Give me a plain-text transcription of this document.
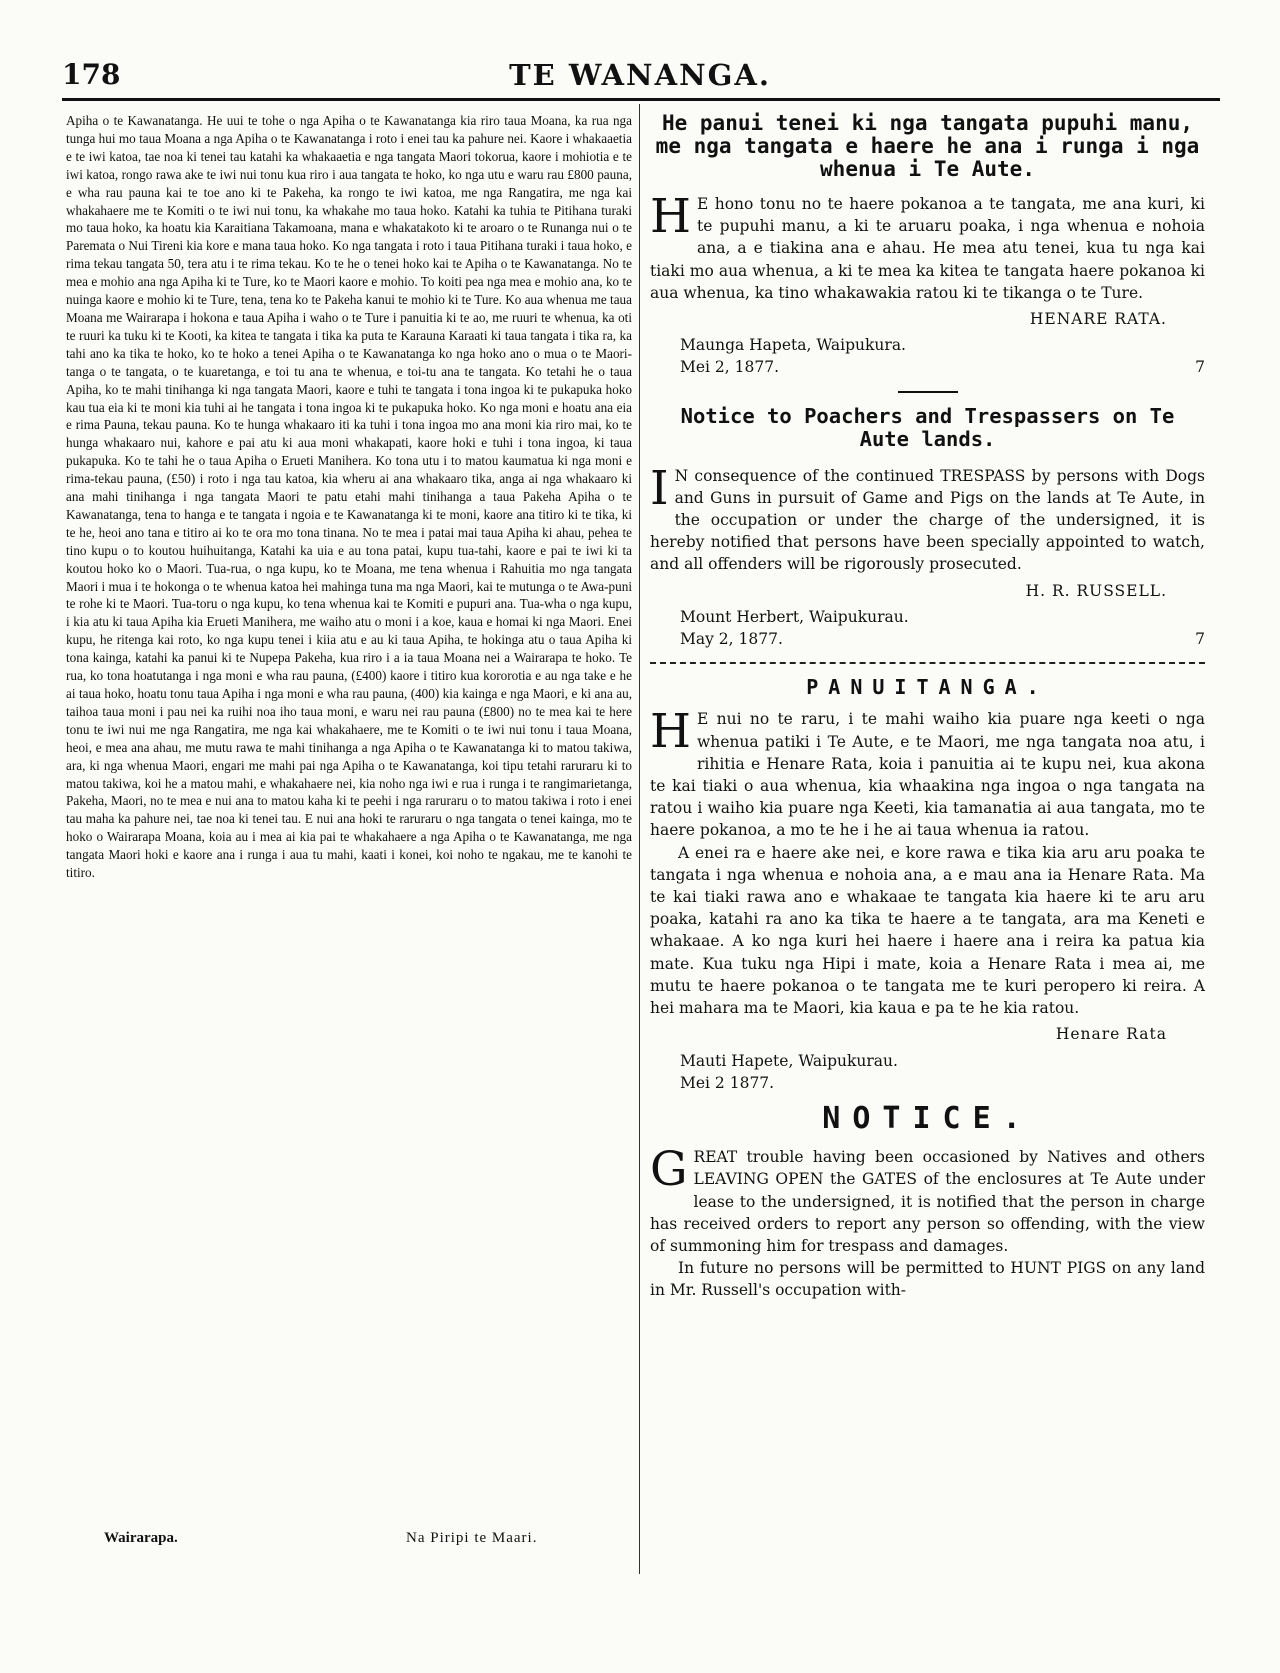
178	TE WANANGA.

Apiha o te Kawanatanga. He uui te tohe o nga Apiha o te Kawanatanga kia riro taua Moana, ka rua nga tunga hui mo taua Moana a nga Apiha o te Kawanatanga i roto i enei tau ka pahure nei. Kaore i whakaaetia e te iwi katoa, tae noa ki tenei tau katahi ka whakaaetia e nga tangata Maori tokorua, kaore i mohiotia e te iwi katoa, rongo rawa ake te iwi nui tonu kua riro i aua tangata te hoko, ko nga utu e waru rau £800 pauna, e wha rau pauna kai te toe ano ki te Pakeha, ka rongo te iwi katoa, me nga Rangatira, me nga kai whakahaere me te Komiti o te iwi nui tonu, ka whakahe mo taua hoko. Katahi ka tuhia te Pitihana turaki mo taua hoko, ka hoatu kia Karaitiana Takamoana, mana e whakatakoto ki te aroaro o te Runanga nui o te Paremata o Nui Tireni kia kore e mana taua hoko. Ko nga tangata i roto i taua Pitihana turaki i taua hoko, e rima tekau tangata 50, tera atu i te rima tekau. Ko te he o tenei hoko kai te Apiha o te Kawanatanga. No te mea e mohio ana nga Apiha ki te Ture, ko te Maori kaore e mohio. To koiti pea nga mea e mohio ana, ko te nuinga kaore e mohio ki te Ture, tena, tena ko te Pakeha kanui te mohio ki te Ture. Ko aua whenua me taua Moana me Wairarapa i hokona e taua Apiha i waho o te Ture i panuitia ki te ao, me ruuri te whenua, ka oti te ruuri ka tuku ki te Kooti, ka kitea te tangata i tika ka puta te Karauna Karaati ki taua tangata i tika ra, ka tahi ano ka tika te hoko, ko te hoko a tenei Apiha o te Kawanatanga ko nga hoko ano o mua o te Maori-tanga o te tangata, o te kuaretanga, e toi tu ana te whenua, e toi-tu ana te tangata. Ko tetahi he o taua Apiha, ko te mahi tinihanga ki nga tangata Maori, kaore e tuhi te tangata i tona ingoa ki te pukapuka hoko kau tua eia ki te moni kia tuhi ai he tangata i tona ingoa ki te pukapuka hoko. Ko nga moni e hoatu ana eia e rima Pauna, tekau pauna. Ko te hunga whakaaro iti ka tuhi i tona ingoa mo ana moni kia riro mai, ko te hunga whakaaro nui, kahore e pai atu ki aua moni whakapati, kaore hoki e tuhi i tona ingoa, ki taua pukapuka. Ko te tahi he o taua Apiha o Erueti Manihera. Ko tona utu i to matou kaumatua ki nga moni e rima-tekau pauna, (£50) i roto i nga tau katoa, kia wheru ai ana whakaaro tika, anga ai nga whakaaro ki ana mahi tinihanga i nga tangata Maori te patu etahi mahi tinihanga a taua Pakeha Apiha o te Kawanatanga, tena to hanga e te tangata i ngoia e te Kawanatanga ki te moni, kaore ana titiro ki te tika, ki te he, heoi ano tana e titiro ai ko te ora mo tona tinana. No te mea i patai mai taua Apiha ki ahau, pehea te tino kupu o to koutou huihuitanga, Katahi ka uia e au tona patai, kupu tua-tahi, kaore e pai te iwi ki ta koutou hoko ko o Maori. Tua-rua, o nga kupu, ko te Moana, me tena whenua i Rahuitia mo nga tangata Maori i mua i te hokonga o te whenua katoa hei mahinga tuna ma nga Maori, kai te mutunga o te Awa-puni te rohe ki te Maori. Tua-toru o nga kupu, ko tena whenua kai te Komiti e pupuri ana. Tua-wha o nga kupu, i kia atu ki taua Apiha kia Erueti Manihera, me waiho atu o moni i a koe, kaua e homai ki nga Maori. Enei kupu, he ritenga kai roto, ko nga kupu tenei i kiia atu e au ki taua Apiha, te hokinga atu o taua Apiha ki tona kainga, katahi ka panui ki te Nupepa Pakeha, kua riro i a ia taua Moana nei a Wairarapa te hoko. Te rua, ko tona hoatutanga i nga moni e wha rau pauna, (£400) kaore i titiro kua kororotia e au nga take e he ai taua hoko, hoatu tonu taua Apiha i nga moni e wha rau pauna, (400) kia kainga e nga Maori, e ki ana au, taihoa taua moni i pau nei ka ruihi noa iho taua moni, e waru nei rau pauna (£800) no te mea kai te here tonu te iwi nui me nga Rangatira, me nga kai whakahaere, me te Komiti o te iwi nui tonu i taua Moana, heoi, e mea ana ahau, me mutu rawa te mahi tinihanga a nga Apiha o te Kawanatanga ki to matou takiwa, ara, ki nga whenua Maori, engari me mahi pai nga Apiha o te Kawanatanga, koi tipu tetahi raruraru ki to matou takiwa, koi he a matou mahi, e whakahaere nei, kia noho nga iwi e rua i runga i te rangimarietanga, Pakeha, Maori, no te mea e nui ana to matou kaha ki te peehi i nga raruraru o to matou takiwa i roto i enei tau maha ka pahure nei, tae noa ki tenei tau. E nui ana hoki te raruraru o nga tangata o tenei kainga, mo te hoko o Wairarapa Moana, koia au i mea ai kia pai te whakahaere a nga Apiha o te Kawanatanga, me nga tangata Maori hoki e kaore ana i runga i aua tu mahi, kaati i konei, koi noho te ngakau, me te kanohi te titiro.

Wairarapa.	Na Piripi te Maari.

He panui tenei ki nga tangata pupuhi manu, me nga tangata e haere he ana i runga i nga whenua i Te Aute.

H E hono tonu no te haere pokanoa a te tangata, me ana kuri, ki te pupuhi manu, a ki te aruaru poaka, i nga whenua e nohoia ana, a e tiakina ana e ahau. He mea atu tenei, kua tu nga kai tiaki mo aua whenua, a ki te mea ka kitea te tangata haere pokanoa ki aua whenua, ka tino whakawakia ratou ki te tikanga o te Ture.

HENARE RATA.
Maunga Hapeta, Waipukura.
Mei 2, 1877.	7

Notice to Poachers and Trespassers on Te Aute lands.

I N consequence of the continued TRESPASS by persons with Dogs and Guns in pursuit of Game and Pigs on the lands at Te Aute, in the occupation or under the charge of the undersigned, it is hereby notified that persons have been specially appointed to watch, and all offenders will be rigorously prosecuted.

H. R. RUSSELL.
Mount Herbert, Waipukurau.
May 2, 1877.	7

PANUITANGA.

H E nui no te raru, i te mahi waiho kia puare nga keeti o nga whenua patiki i Te Aute, e te Maori, me nga tangata noa atu, i rihitia e Henare Rata, koia i panuitia ai te kupu nei, kua akona te kai tiaki o aua whenua, kia whaakina nga ingoa o nga tangata na ratou i waiho kia puare nga Keeti, kia tamanatia ai aua tangata, mo te haere pokanoa, a mo te he i he ai taua whenua ia ratou.

A enei ra e haere ake nei, e kore rawa e tika kia aru aru poaka te tangata i nga whenua e nohoia ana, a e mau ana ia Henare Rata. Ma te kai tiaki rawa ano e whakaae te tangata kia haere ki te aru aru poaka, katahi ra ano ka tika te haere a te tangata, ara ma Keneti e whakaae. A ko nga kuri hei haere i haere ana i reira ka patua kia mate. Kua tuku nga Hipi i mate, koia a Henare Rata i mea ai, me mutu te haere pokanoa o te tangata me te kuri peropero ki reira. A hei mahara ma te Maori, kia kaua e pa te he kia ratou.

Henare Rata
Mauti Hapete, Waipukurau.
Mei 2 1877.

NOTICE.

GREAT trouble having been occasioned by Natives and others LEAVING OPEN the GATES of the enclosures at Te Aute under lease to the undersigned, it is notified that the person in charge has received orders to report any person so offending, with the view of summoning him for trespass and damages.

In future no persons will be permitted to HUNT PIGS on any land in Mr. Russell's occupation with-
